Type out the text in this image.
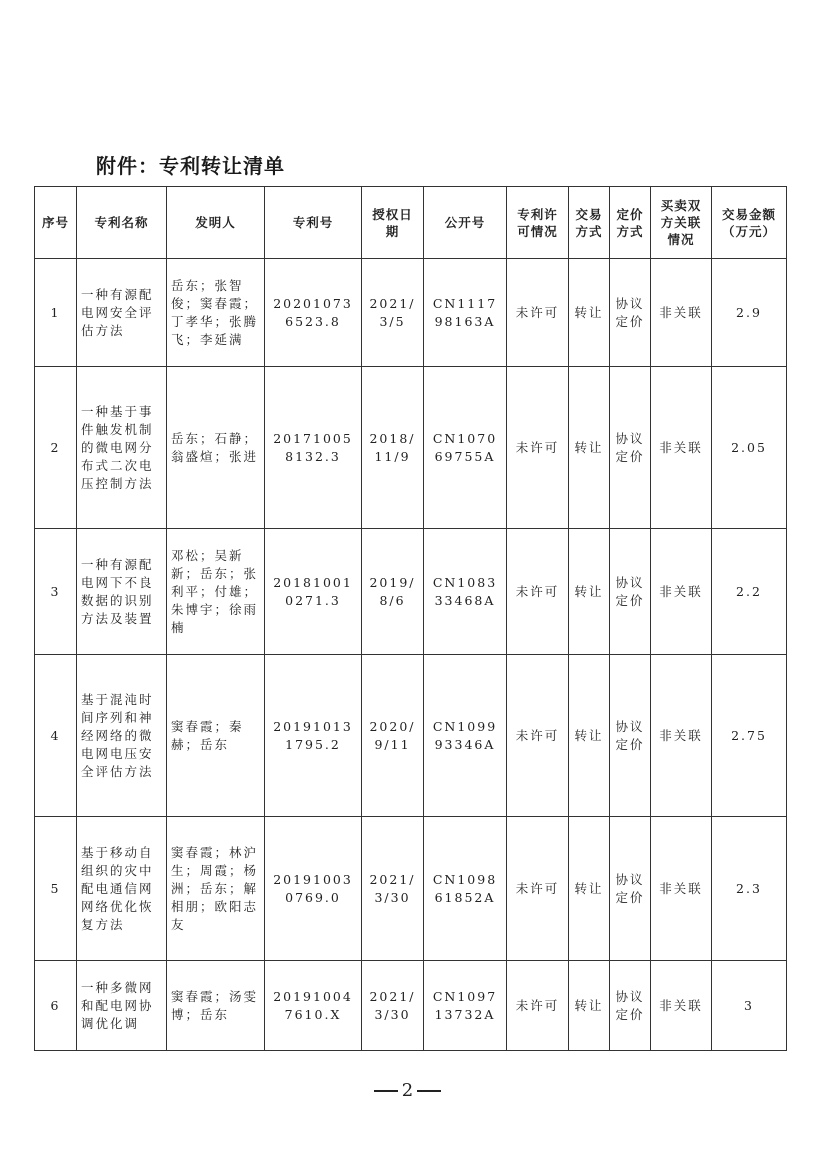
附件：专利转让清单
序号	专利名称	发明人	专利号	授权日期	公开号	专利许可情况	交易方式	定价方式	买卖双方关联情况	交易金额（万元）
1	一种有源配电网安全评估方法	岳东；张智俊；窦春霞；丁孝华；张腾飞；李延满	202010736523.8	2021/3/5	CN111798163A	未许可	转让	协议定价	非关联	2.9
2	一种基于事件触发机制的微电网分布式二次电压控制方法	岳东；石静；翁盛煊；张进	201710058132.3	2018/11/9	CN107069755A	未许可	转让	协议定价	非关联	2.05
3	一种有源配电网下不良数据的识别方法及装置	邓松；吴新新；岳东；张利平；付雄；朱博宇；徐雨楠	201810010271.3	2019/8/6	CN108333468A	未许可	转让	协议定价	非关联	2.2
4	基于混沌时间序列和神经网络的微电网电压安全评估方法	窦春霞；秦赫；岳东	201910131795.2	2020/9/11	CN109993346A	未许可	转让	协议定价	非关联	2.75
5	基于移动自组织的灾中配电通信网网络优化恢复方法	窦春霞；林沪生；周霞；杨洲；岳东；解相朋；欧阳志友	201910030769.0	2021/3/30	CN109861852A	未许可	转让	协议定价	非关联	2.3
6	一种多微网和配电网协调优化调	窦春霞；汤雯博；岳东	201910047610.X	2021/3/30	CN109713732A	未许可	转让	协议定价	非关联	3
2
